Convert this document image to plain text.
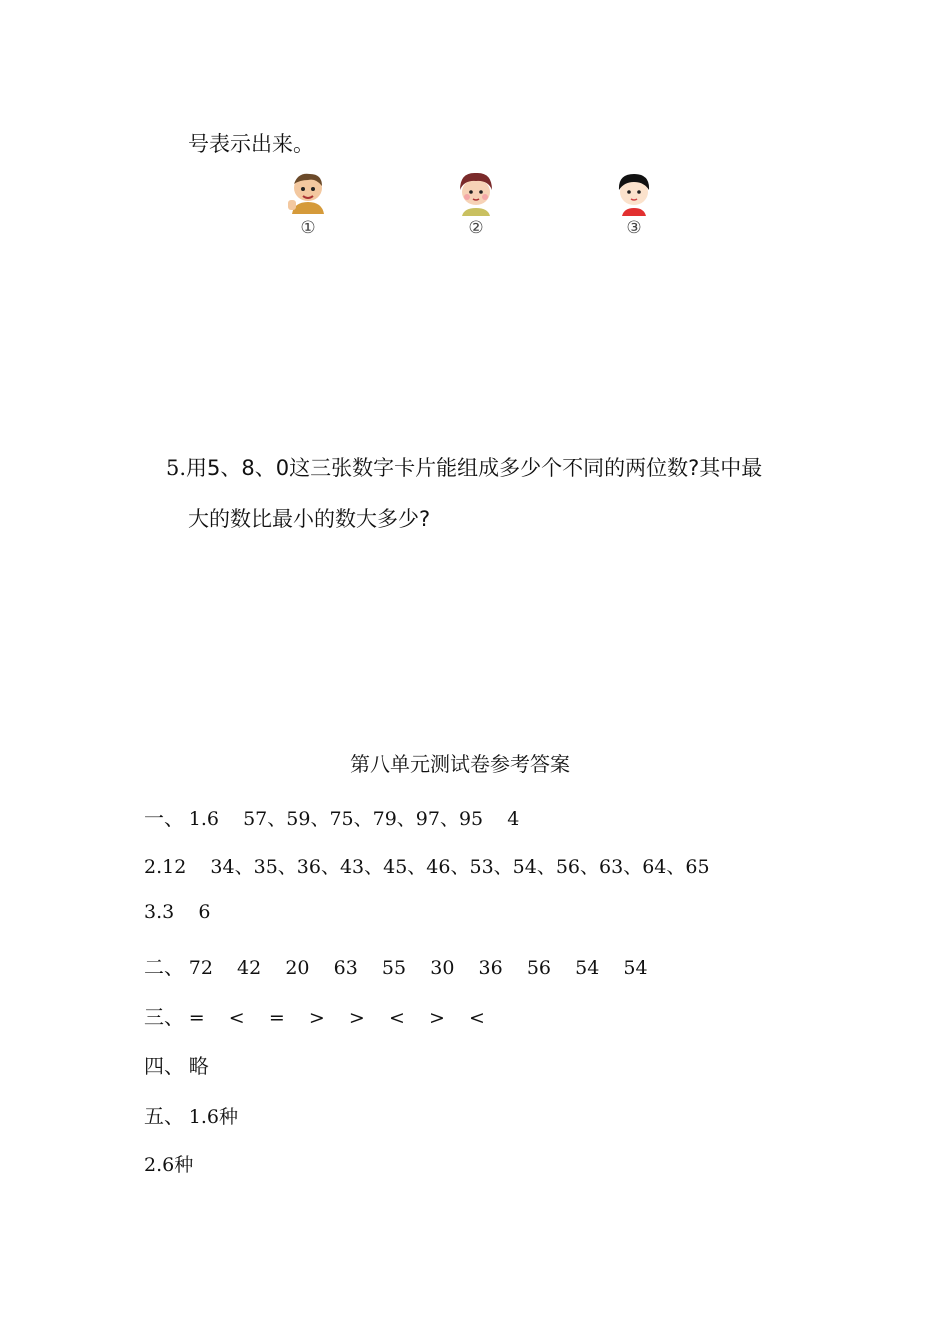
号表示出来。
①	②	③
5.用5、8、0这三张数字卡片能组成多少个不同的两位数?其中最
大的数比最小的数大多少?
第八单元测试卷参考答案
一、 1.6   57、59、75、79、97、95   4
2.12   34、35、36、43、45、46、53、54、56、63、64、65
3.3   6
二、 72   42   20   63   55   30   36   56   54   54
三、 =   <   =   >   >   <   >   <
四、 略
五、 1.6种
2.6种
